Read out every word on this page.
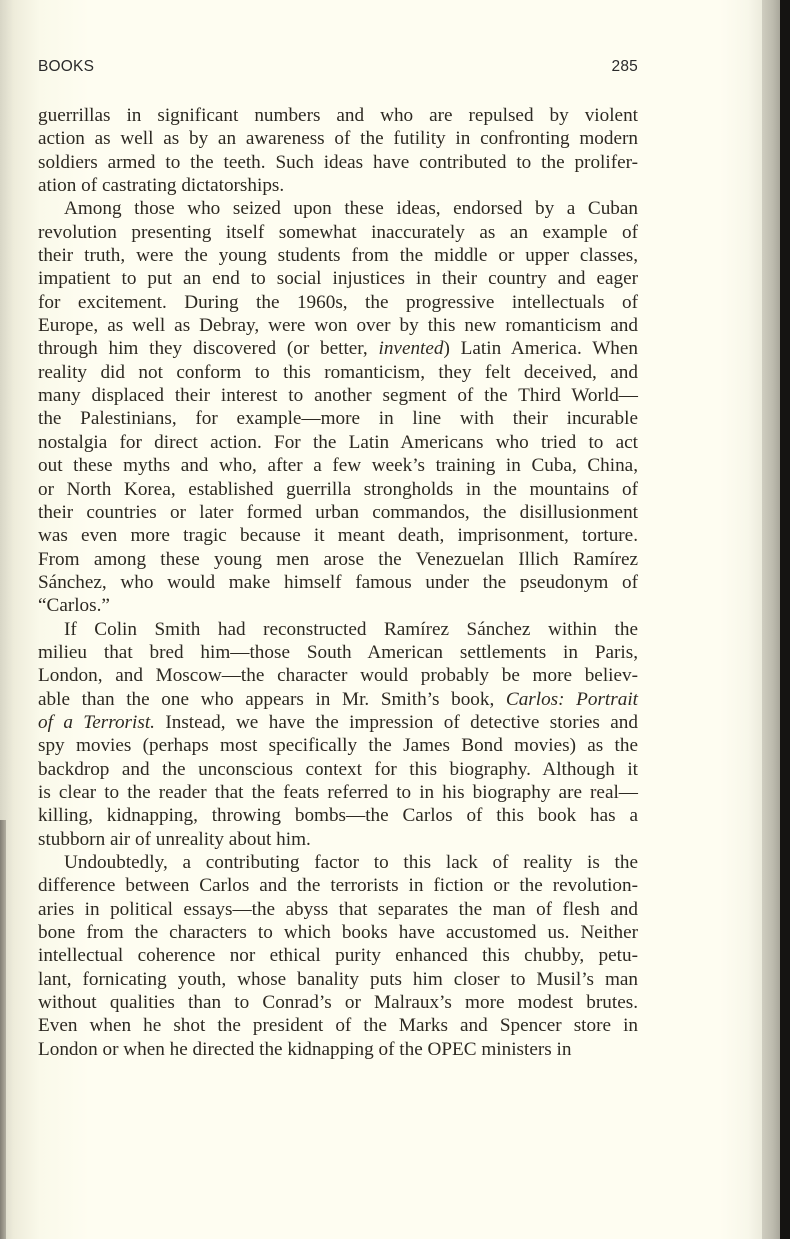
BOOKS	285
guerrillas in significant numbers and who are repulsed by violent
action as well as by an awareness of the futility in confronting modern
soldiers armed to the teeth. Such ideas have contributed to the prolifer-
ation of castrating dictatorships.
Among those who seized upon these ideas, endorsed by a Cuban
revolution presenting itself somewhat inaccurately as an example of
their truth, were the young students from the middle or upper classes,
impatient to put an end to social injustices in their country and eager
for excitement. During the 1960s, the progressive intellectuals of
Europe, as well as Debray, were won over by this new romanticism and
through him they discovered (or better, invented) Latin America. When
reality did not conform to this romanticism, they felt deceived, and
many displaced their interest to another segment of the Third World—
the Palestinians, for example—more in line with their incurable
nostalgia for direct action. For the Latin Americans who tried to act
out these myths and who, after a few week’s training in Cuba, China,
or North Korea, established guerrilla strongholds in the mountains of
their countries or later formed urban commandos, the disillusionment
was even more tragic because it meant death, imprisonment, torture.
From among these young men arose the Venezuelan Illich Ramírez
Sánchez, who would make himself famous under the pseudonym of
“Carlos.”
If Colin Smith had reconstructed Ramírez Sánchez within the
milieu that bred him—those South American settlements in Paris,
London, and Moscow—the character would probably be more believ-
able than the one who appears in Mr. Smith’s book, Carlos: Portrait
of a Terrorist. Instead, we have the impression of detective stories and
spy movies (perhaps most specifically the James Bond movies) as the
backdrop and the unconscious context for this biography. Although it
is clear to the reader that the feats referred to in his biography are real—
killing, kidnapping, throwing bombs—the Carlos of this book has a
stubborn air of unreality about him.
Undoubtedly, a contributing factor to this lack of reality is the
difference between Carlos and the terrorists in fiction or the revolution-
aries in political essays—the abyss that separates the man of flesh and
bone from the characters to which books have accustomed us. Neither
intellectual coherence nor ethical purity enhanced this chubby, petu-
lant, fornicating youth, whose banality puts him closer to Musil’s man
without qualities than to Conrad’s or Malraux’s more modest brutes.
Even when he shot the president of the Marks and Spencer store in
London or when he directed the kidnapping of the OPEC ministers in
